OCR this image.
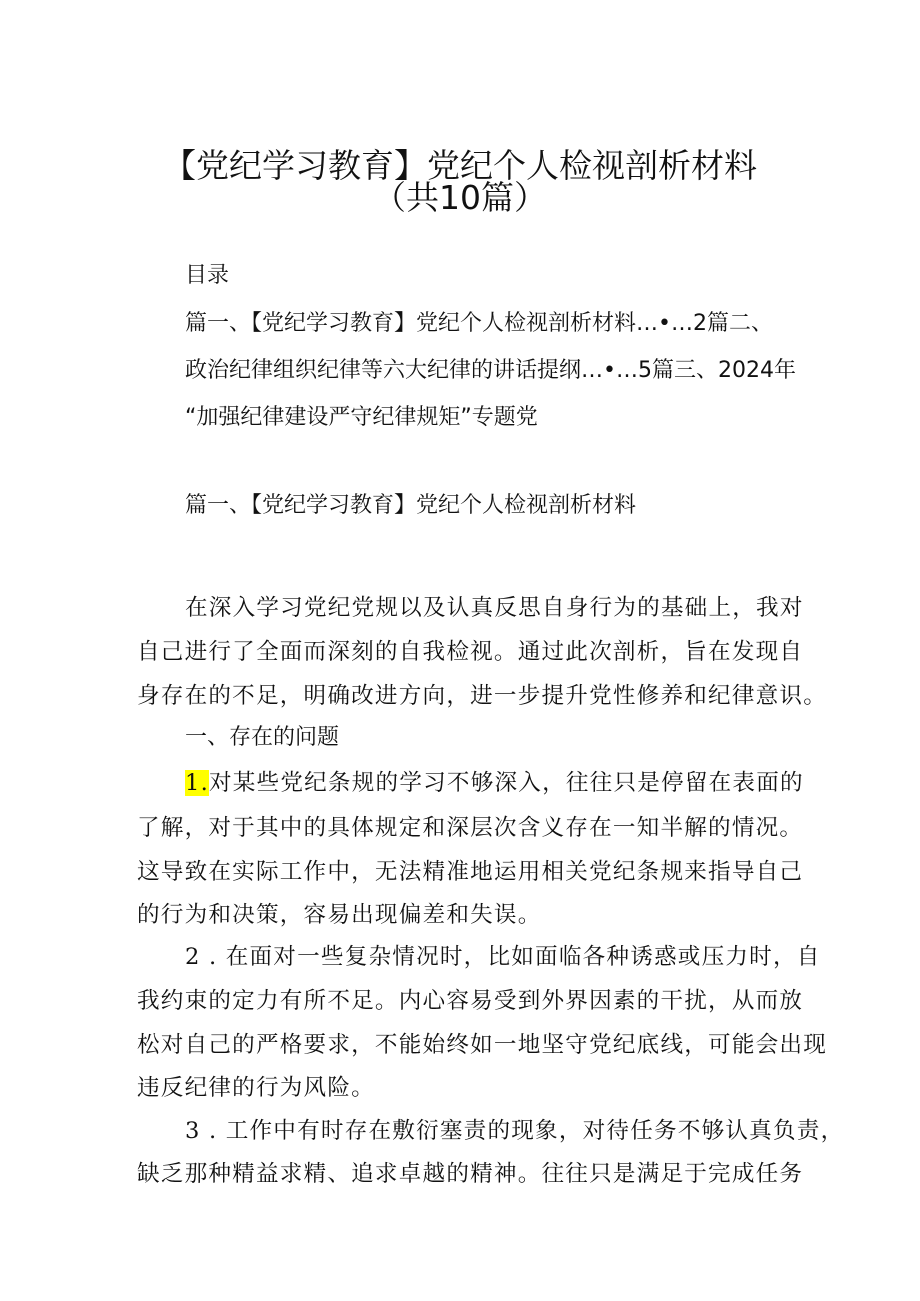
【党纪学习教育】党纪个人检视剖析材料
（共10篇）
目录
篇一、【党纪学习教育】党纪个人检视剖析材料…•…2篇二、
政治纪律组织纪律等六大纪律的讲话提纲…•…5篇三、2024年
“加强纪律建设严守纪律规矩”专题党
篇一、【党纪学习教育】党纪个人检视剖析材料
在深入学习党纪党规以及认真反思自身行为的基础上，我对
自己进行了全面而深刻的自我检视。通过此次剖析，旨在发现自
身存在的不足，明确改进方向，进一步提升党性修养和纪律意识。
一、存在的问题
1.对某些党纪条规的学习不够深入，往往只是停留在表面的
了解，对于其中的具体规定和深层次含义存在一知半解的情况。
这导致在实际工作中，无法精准地运用相关党纪条规来指导自己
的行为和决策，容易出现偏差和失误。
2 . 在面对一些复杂情况时，比如面临各种诱惑或压力时，自
我约束的定力有所不足。内心容易受到外界因素的干扰，从而放
松对自己的严格要求，不能始终如一地坚守党纪底线，可能会出现
违反纪律的行为风险。
3 . 工作中有时存在敷衍塞责的现象，对待任务不够认真负责，
缺乏那种精益求精、追求卓越的精神。往往只是满足于完成任务
